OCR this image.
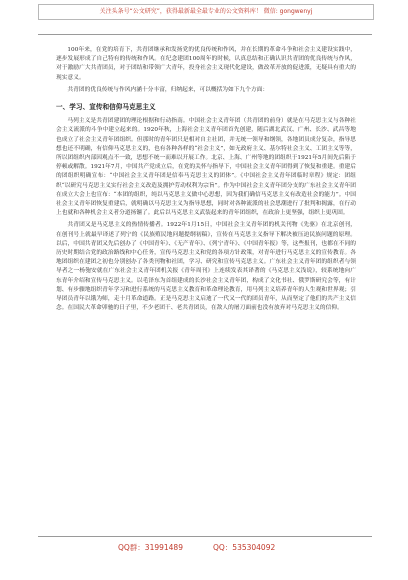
关注头条号“公文研究”，获得最新最全最专业的公文资料库！ 微信: gongwenyj

100年来，在党的培育下，共青团继承和发扬党的优良传统和作风，并在长期的革命斗争和社会主义建设实践中，逐步发展形成了自己特有的传统和作风。在纪念建团100周年的时候，认真总结和正确认识共青团的优良传统与作风，对于激励广大共青团员，对于团结和带领广大青年，投身社会主义现代化建设，做改革开放的促进派，无疑具有重大的现实意义。

共青团的优良传统与作风内涵十分丰富，归纳起来，可以概括为如下九个方面：

一、学习、宣传和信仰马克思主义

马列主义是共青团建团的理论根据和行动指南。中国社会主义青年团（共青团的前身）就是在马克思主义与各种社会主义流派的斗争中建立起来的。1920年秋，上海社会主义青年团首先创建，随后湖北武汉、广州、长沙、武昌等地也成立了社会主义青年团组织。但那时的青年团只是相对自主社团，并无统一领导和纲领，各地团员成分复杂，指导思想也还不明确，有信仰马克思主义的，也有各种各样的“社会主义”，如无政府主义、基尔特社会主义、工团主义等等，所以团组织内部因观点不一致，思想不统一而难以开展工作。北京、上海、广州等地的团组织于1921年5月间先后陷于停顿或解散。1921年7月，中国共产党成立后，在党的关怀与指导下，中国社会主义青年团得到了恢复和重建。重建后的团组织明确宣布：“中国社会主义青年团是信奉马克思主义的团体”。《中国社会主义青年团临时章程》规定：团组织“以研究马克思主义实行社会主义改造及拥护劳动权利为宗旨”。作为中国社会主义青年团分支的广东社会主义青年团在成立大会上也宣布：“本团的组织，纯以马克思主义做中心思想，因为我们确信马克思主义有改造社会的能力”。中国社会主义青年团恢复重建后，就明确以马克思主义为指导思想，同时对各种流派的社会思潮进行了批判和揭露，在行动上也就和各种机会主义者分道扬镳了。此后以马克思主义武装起来的青年团组织，在政治上更坚强，组织上更巩固。

共青团又是马克思主义的热情传播者。1922年1月15日，中国社会主义青年团的机关刊物《先驱》在北京创刊，在创刊号上就最早译述了列宁的《民族殖民地问题提纲初稿》，宣传在马克思主义指导下解决被压迫民族问题的原理。以后，中国共青团又先后创办了《中国青年》、《无产青年》、《列宁青年》、《中国青年报》等，这些报刊，也都在不同的历史时期结合党的政治路线和中心任务，宣传马克思主义和党的各项方针政策，对青年进行马克思主义的宣传教育。各地团组织在建团之初也分别创办了各类刊物和社团，学习、研究和宣传马克思主义。广东社会主义青年团的组织者与领导者之一杨匏安就在广东社会主义青年团机关报《青年周刊》上连续发表其译著的《马克思主义浅说》，较系统地向广东青年介绍和宣传马克思主义。以毛泽东为首组建成的长沙社会主义青年团，构成了文化书社、俄罗斯研究会等，有计划、有步骤地组织青年学习和进行系统的马克思主义教育和革命理论教育，用马列主义培养青年的人生观和世界观；引导团员青年以饿为师，走十月革命道路。正是马克思主义启迪了一代又一代的团员青年，从而坚定了他们的共产主义信念。在国民大革命卯驰的日子里，不少老团干、老共青团员，在敌人的屠刀面前也没有放弃对马克思主义的信仰。

QQ群：31991489	QQ：535304092
